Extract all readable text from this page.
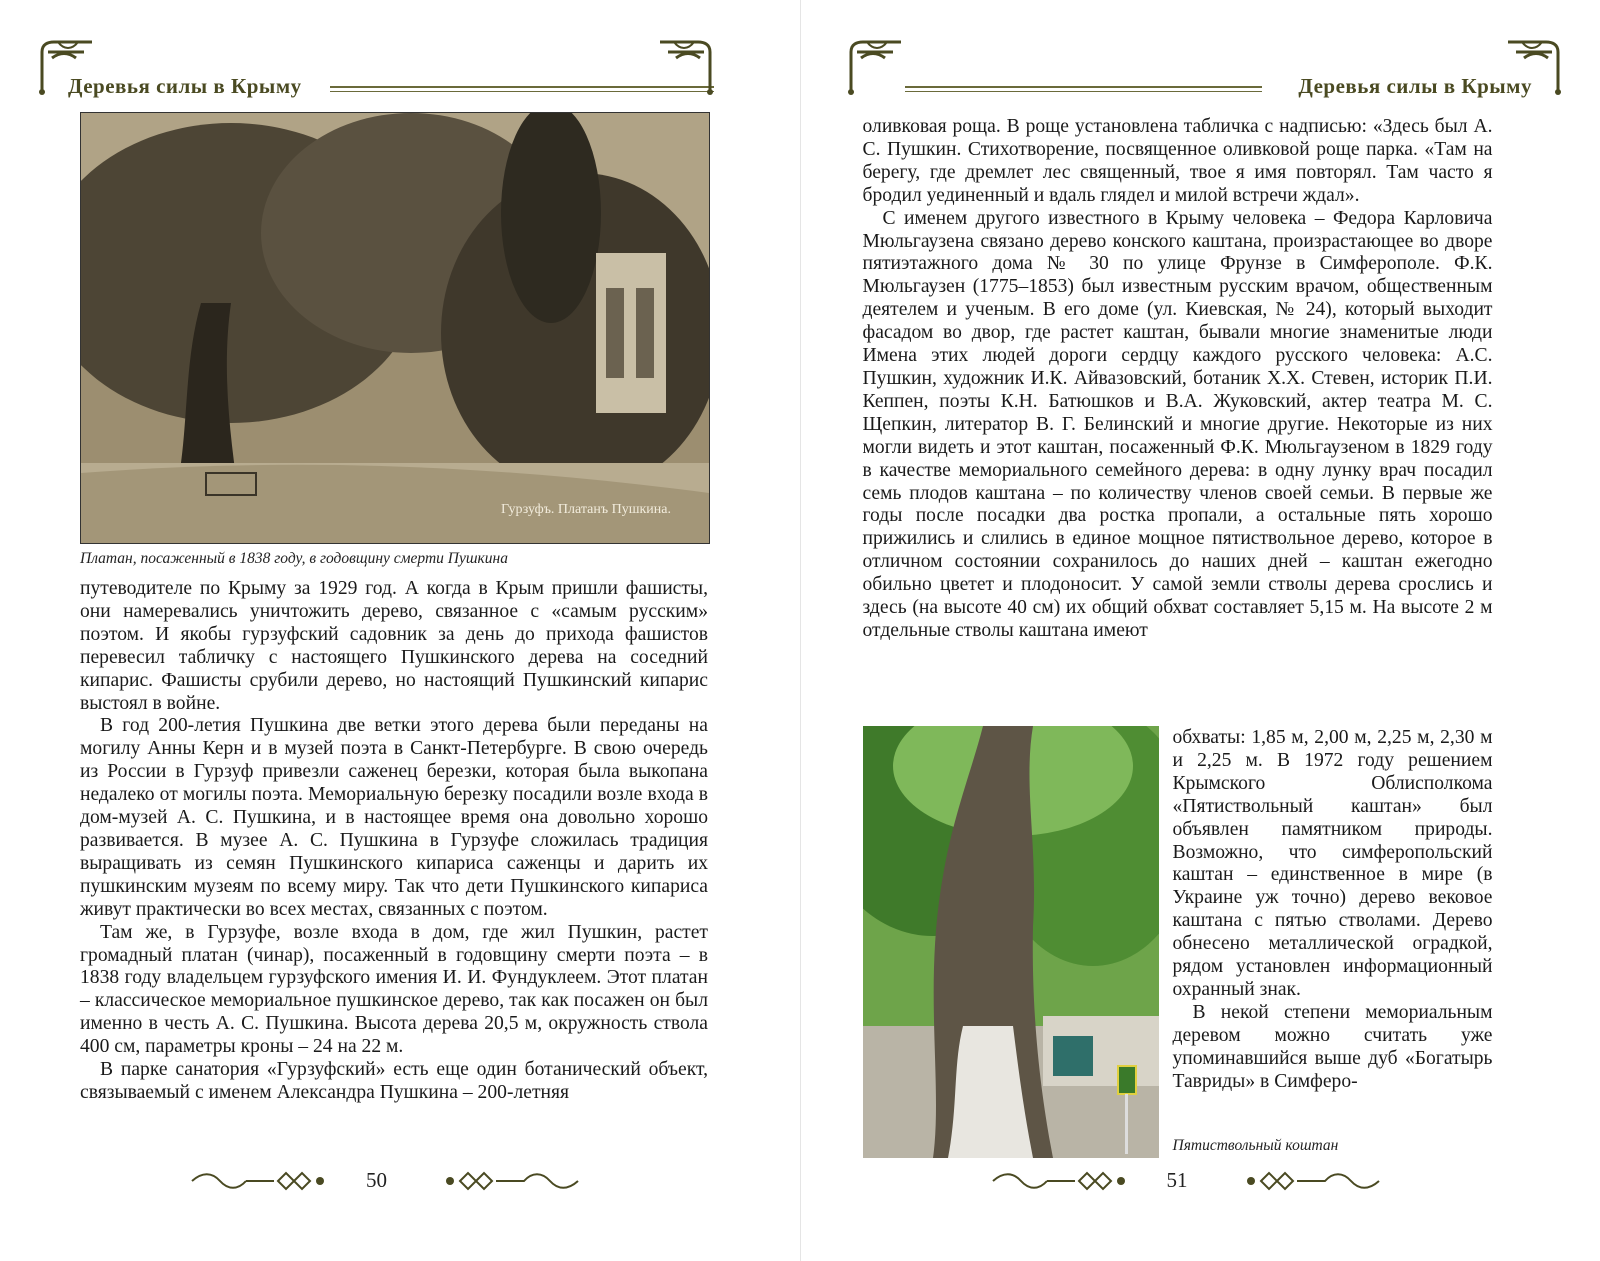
Деревья силы в Крыму
Гурзуфъ. Платанъ Пушкина.
Платан, посаженный в 1838 году, в годовщину смерти Пушкина

путеводителе по Крыму за 1929 год. А когда в Крым пришли фашисты, они намеревались уничтожить дерево, связанное с «самым русским» поэтом. И якобы гурзуфский садовник за день до прихода фашистов перевесил табличку с настоящего Пушкинского дерева на соседний кипарис. Фашисты срубили дерево, но настоящий Пушкинский кипарис выстоял в войне.

В год 200-летия Пушкина две ветки этого дерева были переданы на могилу Анны Керн и в музей поэта в Санкт-Петербурге. В свою очередь из России в Гурзуф привезли саженец березки, которая была выкопана недалеко от могилы поэта. Мемориальную березку посадили возле входа в дом-музей А. С. Пушкина, и в настоящее время она довольно хорошо развивается. В музее А. С. Пушкина в Гурзуфе сложилась традиция выращивать из семян Пушкинского кипариса саженцы и дарить их пушкинским музеям по всему миру. Так что дети Пушкинского кипариса живут практически во всех местах, связанных с поэтом.

Там же, в Гурзуфе, возле входа в дом, где жил Пушкин, растет громадный платан (чинар), посаженный в годовщину смерти поэта – в 1838 году владельцем гурзуфского имения И. И. Фундуклеем. Этот платан – классическое мемориальное пушкинское дерево, так как посажен он был именно в честь А. С. Пушкина. Высота дерева 20,5 м, окружность ствола 400 см, параметры кроны – 24 на 22 м.

В парке санатория «Гурзуфский» есть еще один ботанический объект, связываемый с именем Александра Пушкина – 200-летняя

50
Деревья силы в Крыму

оливковая роща. В роще установлена табличка с надписью: «Здесь был А. С. Пушкин. Стихотворение, посвященное оливковой роще парка. «Там на берегу, где дремлет лес священный, твое я имя повторял. Там часто я бродил уединенный и вдаль глядел и милой встречи ждал».

С именем другого известного в Крыму человека – Федора Карловича Мюльгаузена связано дерево конского каштана, произрастающее во дворе пятиэтажного дома № 30 по улице Фрунзе в Симферополе. Ф.К. Мюльгаузен (1775–1853) был известным русским врачом, общественным деятелем и ученым. В его доме (ул. Киевская, № 24), который выходит фасадом во двор, где растет каштан, бывали многие знаменитые люди Имена этих людей дороги сердцу каждого русского человека: А.С. Пушкин, художник И.К. Айвазовский, ботаник Х.Х. Стевен, историк П.И. Кеппен, поэты К.Н. Батюшков и В.А. Жуковский, актер театра М. С. Щепкин, литератор В. Г. Белинский и многие другие. Некоторые из них могли видеть и этот каштан, посаженный Ф.К. Мюльгаузеном в 1829 году в качестве мемориального семейного дерева: в одну лунку врач посадил семь плодов каштана – по количеству членов своей семьи. В первые же годы после посадки два ростка пропали, а остальные пять хорошо прижились и слились в единое мощное пятиствольное дерево, которое в отличном состоянии сохранилось до наших дней – каштан ежегодно обильно цветет и плодоносит. У самой земли стволы дерева срослись и здесь (на высоте 40 см) их общий обхват составляет 5,15 м. На высоте 2 м отдельные стволы каштана имеют

обхваты: 1,85 м, 2,00 м, 2,25 м, 2,30 м и 2,25 м. В 1972 году решением Крымского Облисполкома «Пятиствольный каштан» был объявлен памятником природы. Возможно, что симферопольский каштан – единственное в мире (в Украине уж точно) дерево вековое каштана с пятью стволами. Дерево обнесено металлической оградкой, рядом установлен информационный охранный знак.

В некой степени мемориальным деревом можно считать уже упоминавшийся выше дуб «Богатырь Тавриды» в Симферо-

Пятиствольный коштан
51
